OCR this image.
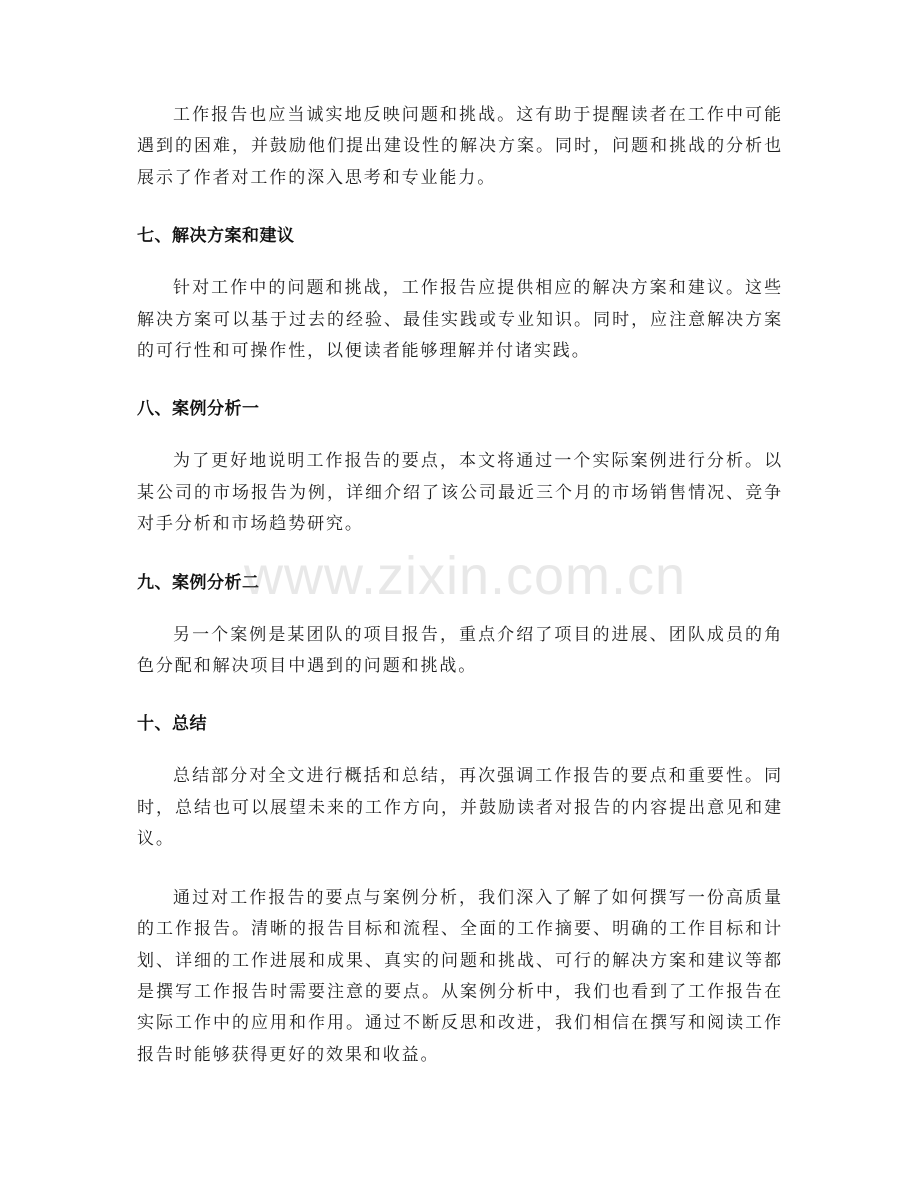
工作报告也应当诚实地反映问题和挑战。这有助于提醒读者在工作中可能遇到的困难，并鼓励他们提出建设性的解决方案。同时，问题和挑战的分析也展示了作者对工作的深入思考和专业能力。

七、解决方案和建议

针对工作中的问题和挑战，工作报告应提供相应的解决方案和建议。这些解决方案可以基于过去的经验、最佳实践或专业知识。同时，应注意解决方案的可行性和可操作性，以便读者能够理解并付诸实践。

八、案例分析一

为了更好地说明工作报告的要点，本文将通过一个实际案例进行分析。以某公司的市场报告为例，详细介绍了该公司最近三个月的市场销售情况、竞争对手分析和市场趋势研究。

九、案例分析二

另一个案例是某团队的项目报告，重点介绍了项目的进展、团队成员的角色分配和解决项目中遇到的问题和挑战。

十、总结

总结部分对全文进行概括和总结，再次强调工作报告的要点和重要性。同时，总结也可以展望未来的工作方向，并鼓励读者对报告的内容提出意见和建议。

通过对工作报告的要点与案例分析，我们深入了解了如何撰写一份高质量的工作报告。清晰的报告目标和流程、全面的工作摘要、明确的工作目标和计划、详细的工作进展和成果、真实的问题和挑战、可行的解决方案和建议等都是撰写工作报告时需要注意的要点。从案例分析中，我们也看到了工作报告在实际工作中的应用和作用。通过不断反思和改进，我们相信在撰写和阅读工作报告时能够获得更好的效果和收益。

www.zixin.com.cn
